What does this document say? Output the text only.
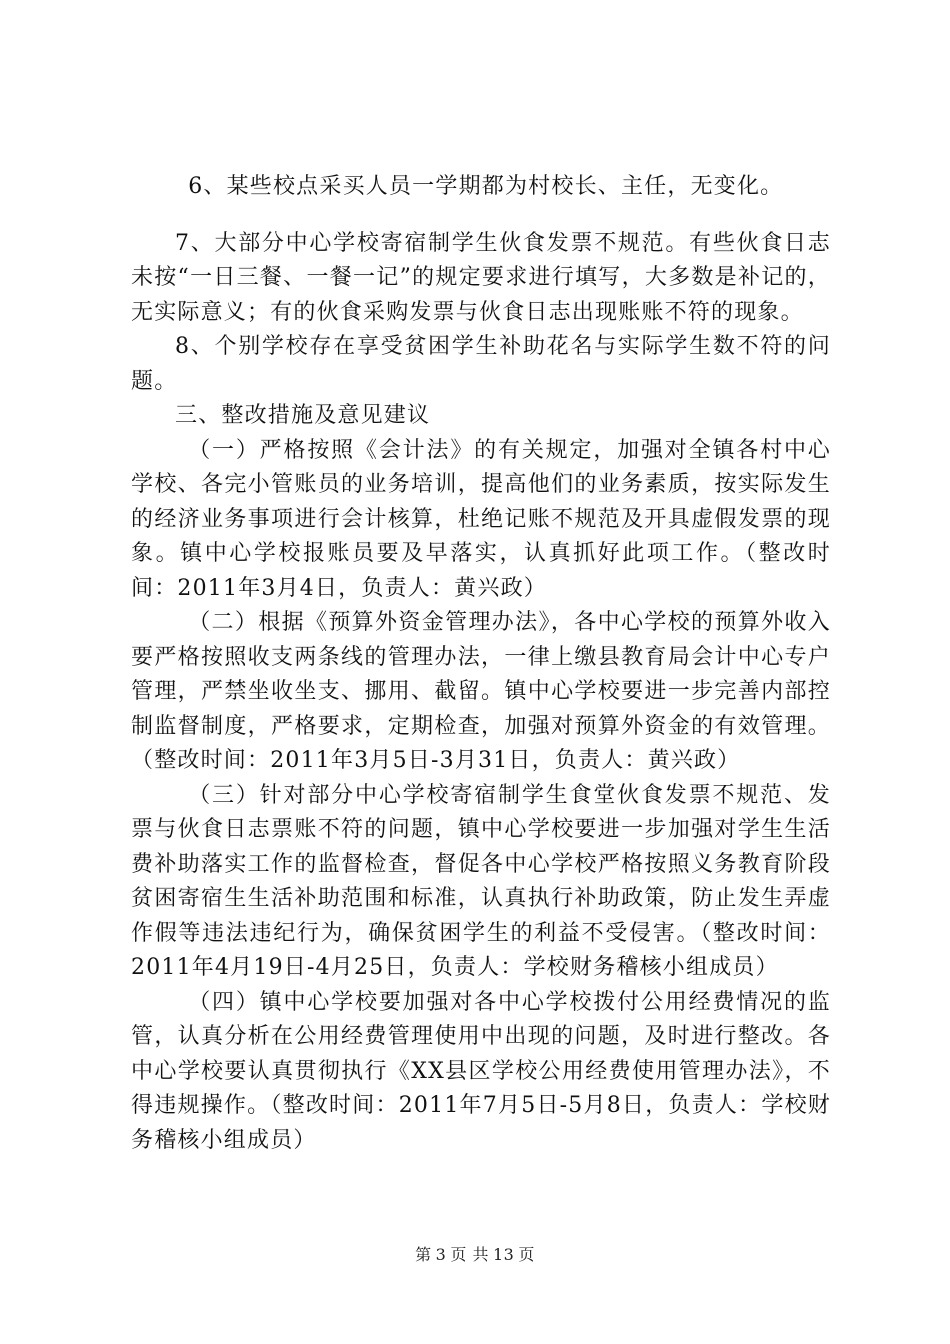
6、某些校点采买人员一学期都为村校长、主任，无变化。

7、大部分中心学校寄宿制学生伙食发票不规范。有些伙食日志未按“一日三餐、一餐一记”的规定要求进行填写，大多数是补记的，无实际意义；有的伙食采购发票与伙食日志出现账账不符的现象。

8、个别学校存在享受贫困学生补助花名与实际学生数不符的问题。

三、整改措施及意见建议

（一）严格按照《会计法》的有关规定，加强对全镇各村中心学校、各完小管账员的业务培训，提高他们的业务素质，按实际发生的经济业务事项进行会计核算，杜绝记账不规范及开具虚假发票的现象。镇中心学校报账员要及早落实，认真抓好此项工作。（整改时间：2011年3月4日，负责人：黄兴政）

（二）根据《预算外资金管理办法》，各中心学校的预算外收入要严格按照收支两条线的管理办法，一律上缴县教育局会计中心专户管理，严禁坐收坐支、挪用、截留。镇中心学校要进一步完善内部控制监督制度，严格要求，定期检查，加强对预算外资金的有效管理。（整改时间：2011年3月5日-3月31日，负责人：黄兴政）

（三）针对部分中心学校寄宿制学生食堂伙食发票不规范、发票与伙食日志票账不符的问题，镇中心学校要进一步加强对学生生活费补助落实工作的监督检查，督促各中心学校严格按照义务教育阶段贫困寄宿生生活补助范围和标准，认真执行补助政策，防止发生弄虚作假等违法违纪行为，确保贫困学生的利益不受侵害。（整改时间：2011年4月19日-4月25日，负责人：学校财务稽核小组成员）

（四）镇中心学校要加强对各中心学校拨付公用经费情况的监管，认真分析在公用经费管理使用中出现的问题，及时进行整改。各中心学校要认真贯彻执行《XX县区学校公用经费使用管理办法》，不得违规操作。（整改时间：2011年7月5日-5月8日，负责人：学校财务稽核小组成员）

第 3 页 共 13 页
